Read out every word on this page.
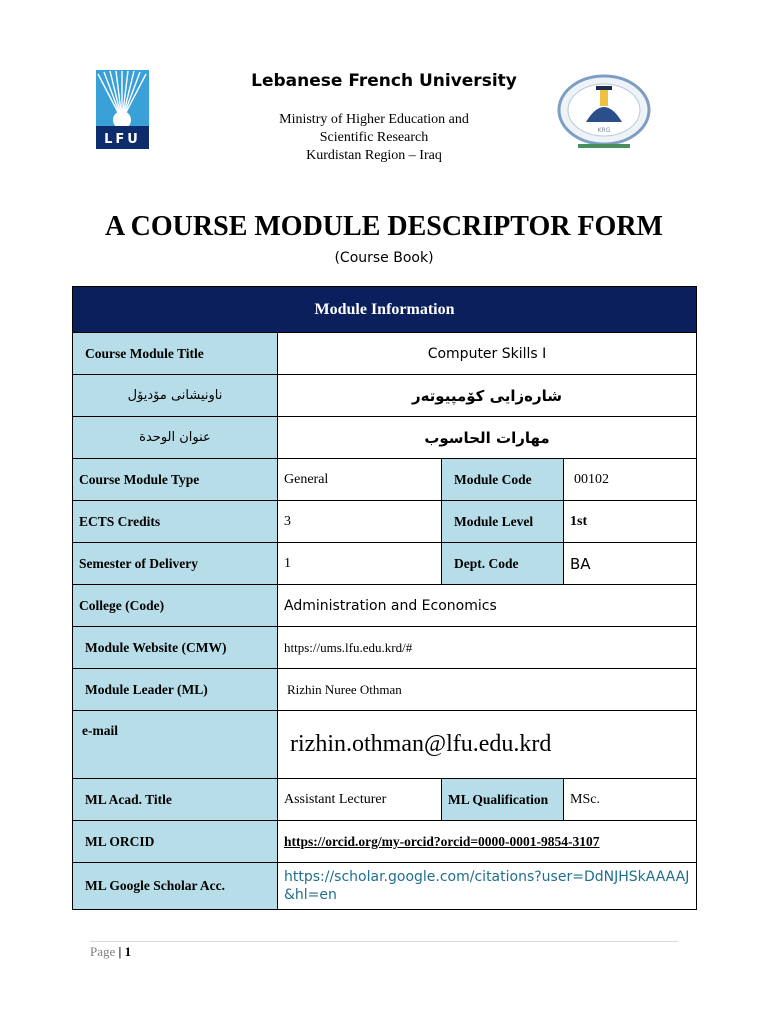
LFU
KRG
Lebanese French University
Ministry of Higher Education and
Scientific Research
Kurdistan Region – Iraq
A COURSE MODULE DESCRIPTOR FORM
(Course Book)
Module Information			
Course Module Title	Computer Skills I		
ناونیشانی مۆدیۆل	شارەزایی کۆمپیوتەر		
عنوان الوحدة	مهارات الحاسوب		
Course Module Type	General	Module Code	00102
ECTS Credits	3	Module Level	1st
Semester of Delivery	1	Dept. Code	BA
College (Code)	Administration and Economics		
Module Website (CMW)	https://ums.lfu.edu.krd/#		
Module Leader (ML)	Rizhin Nuree Othman		
e-mail	rizhin.othman@lfu.edu.krd		
ML Acad. Title	Assistant Lecturer	ML Qualification	MSc.
ML ORCID	https://orcid.org/my-orcid?orcid=0000-0001-9854-3107		
ML Google Scholar Acc.	https://scholar.google.com/citations?user=DdNJHSkAAAAJ&hl=en		
Page | 1
